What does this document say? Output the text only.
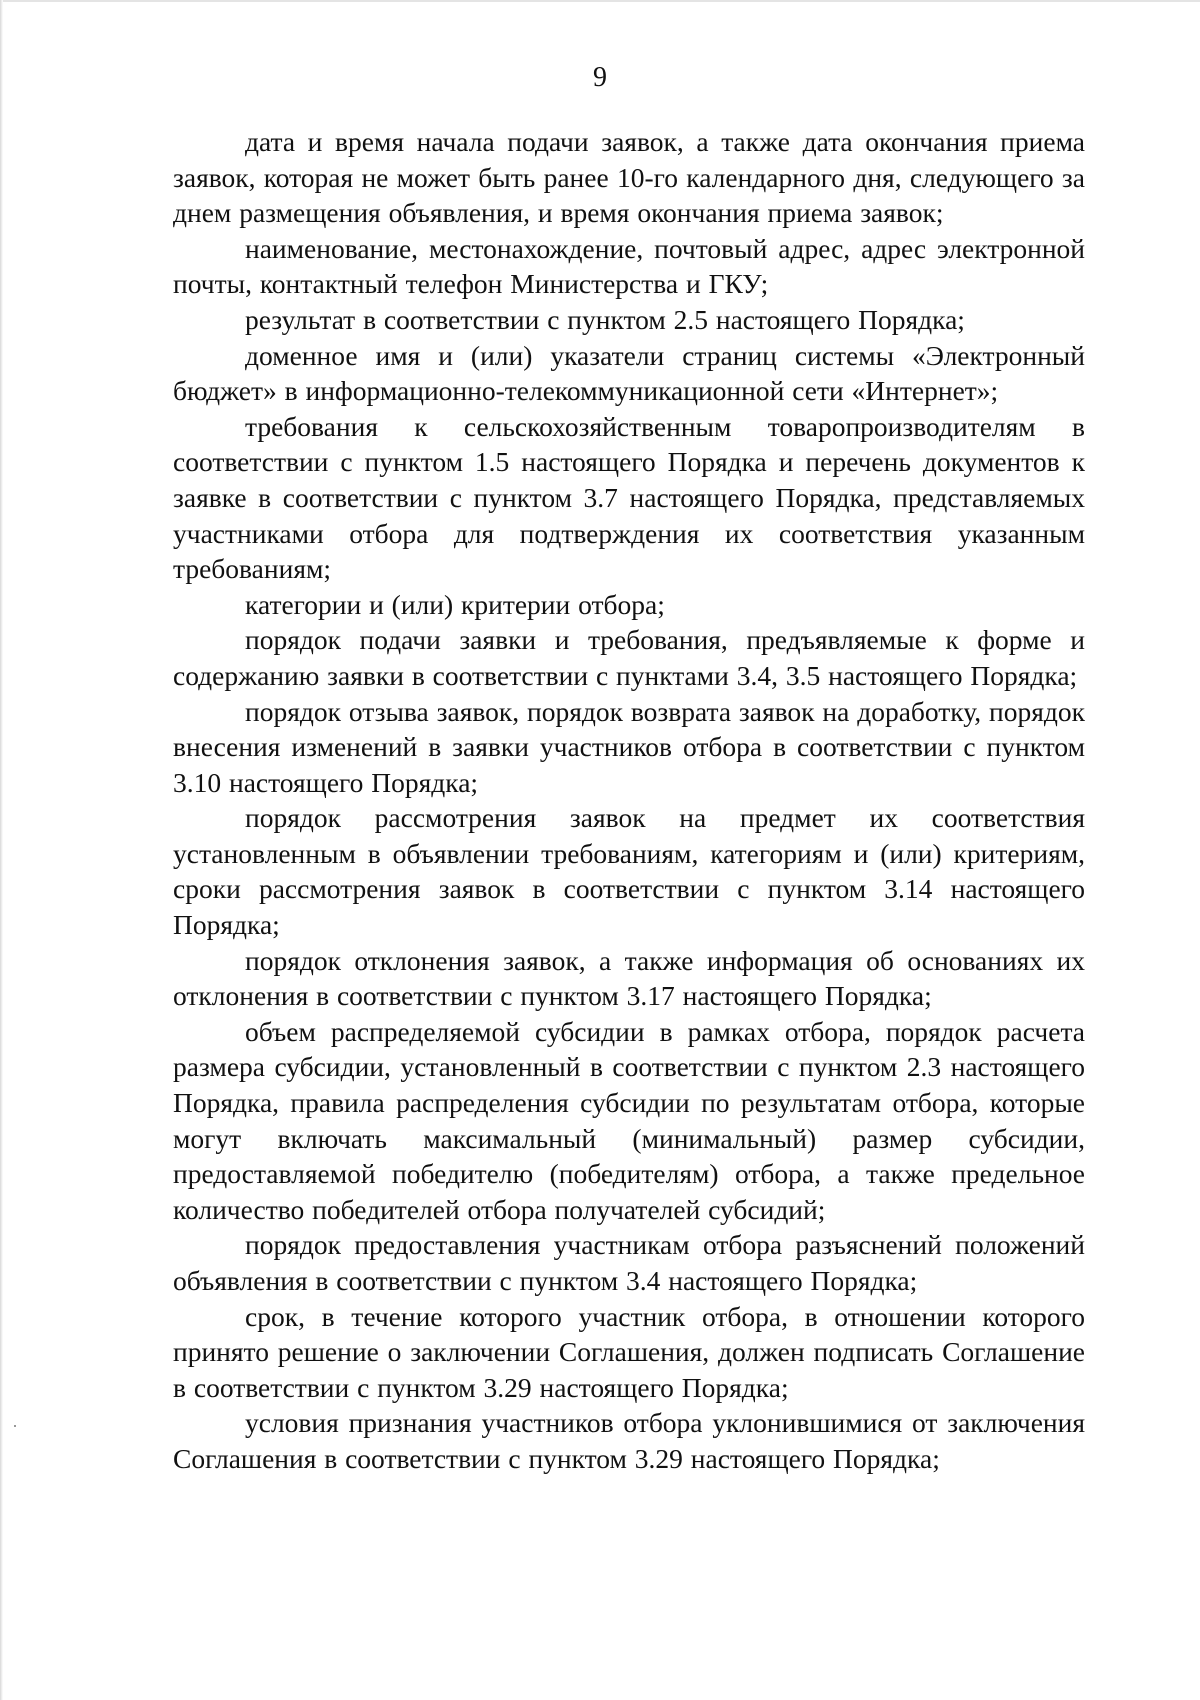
9

дата и время начала подачи заявок, а также дата окончания приема заявок, которая не может быть ранее 10-го календарного дня, следующего за днем размещения объявления, и время окончания приема заявок;

наименование, местонахождение, почтовый адрес, адрес электронной почты, контактный телефон Министерства и ГКУ;

результат в соответствии с пунктом 2.5 настоящего Порядка;

доменное имя и (или) указатели страниц системы «Электронный бюджет» в информационно-телекоммуникационной сети «Интернет»;

требования к сельскохозяйственным товаропроизводителям в соответствии с пунктом 1.5 настоящего Порядка и перечень документов к заявке в соответствии с пунктом 3.7 настоящего Порядка, представляемых участниками отбора для подтверждения их соответствия указанным требованиям;

категории и (или) критерии отбора;

порядок подачи заявки и требования, предъявляемые к форме и содержанию заявки в соответствии с пунктами 3.4, 3.5 настоящего Порядка;

порядок отзыва заявок, порядок возврата заявок на доработку, порядок внесения изменений в заявки участников отбора в соответствии с пунктом 3.10 настоящего Порядка;

порядок рассмотрения заявок на предмет их соответствия установленным в объявлении требованиям, категориям и (или) критериям, сроки рассмотрения заявок в соответствии с пунктом 3.14 настоящего Порядка;

порядок отклонения заявок, а также информация об основаниях их отклонения в соответствии с пунктом 3.17 настоящего Порядка;

объем распределяемой субсидии в рамках отбора, порядок расчета размера субсидии, установленный в соответствии с пунктом 2.3 настоящего Порядка, правила распределения субсидии по результатам отбора, которые могут включать максимальный (минимальный) размер субсидии, предоставляемой победителю (победителям) отбора, а также предельное количество победителей отбора получателей субсидий;

порядок предоставления участникам отбора разъяснений положений объявления в соответствии с пунктом 3.4 настоящего Порядка;

срок, в течение которого участник отбора, в отношении которого принято решение о заключении Соглашения, должен подписать Соглашение в соответствии с пунктом 3.29 настоящего Порядка;

условия признания участников отбора уклонившимися от заключения Соглашения в соответствии с пунктом 3.29 настоящего Порядка;
